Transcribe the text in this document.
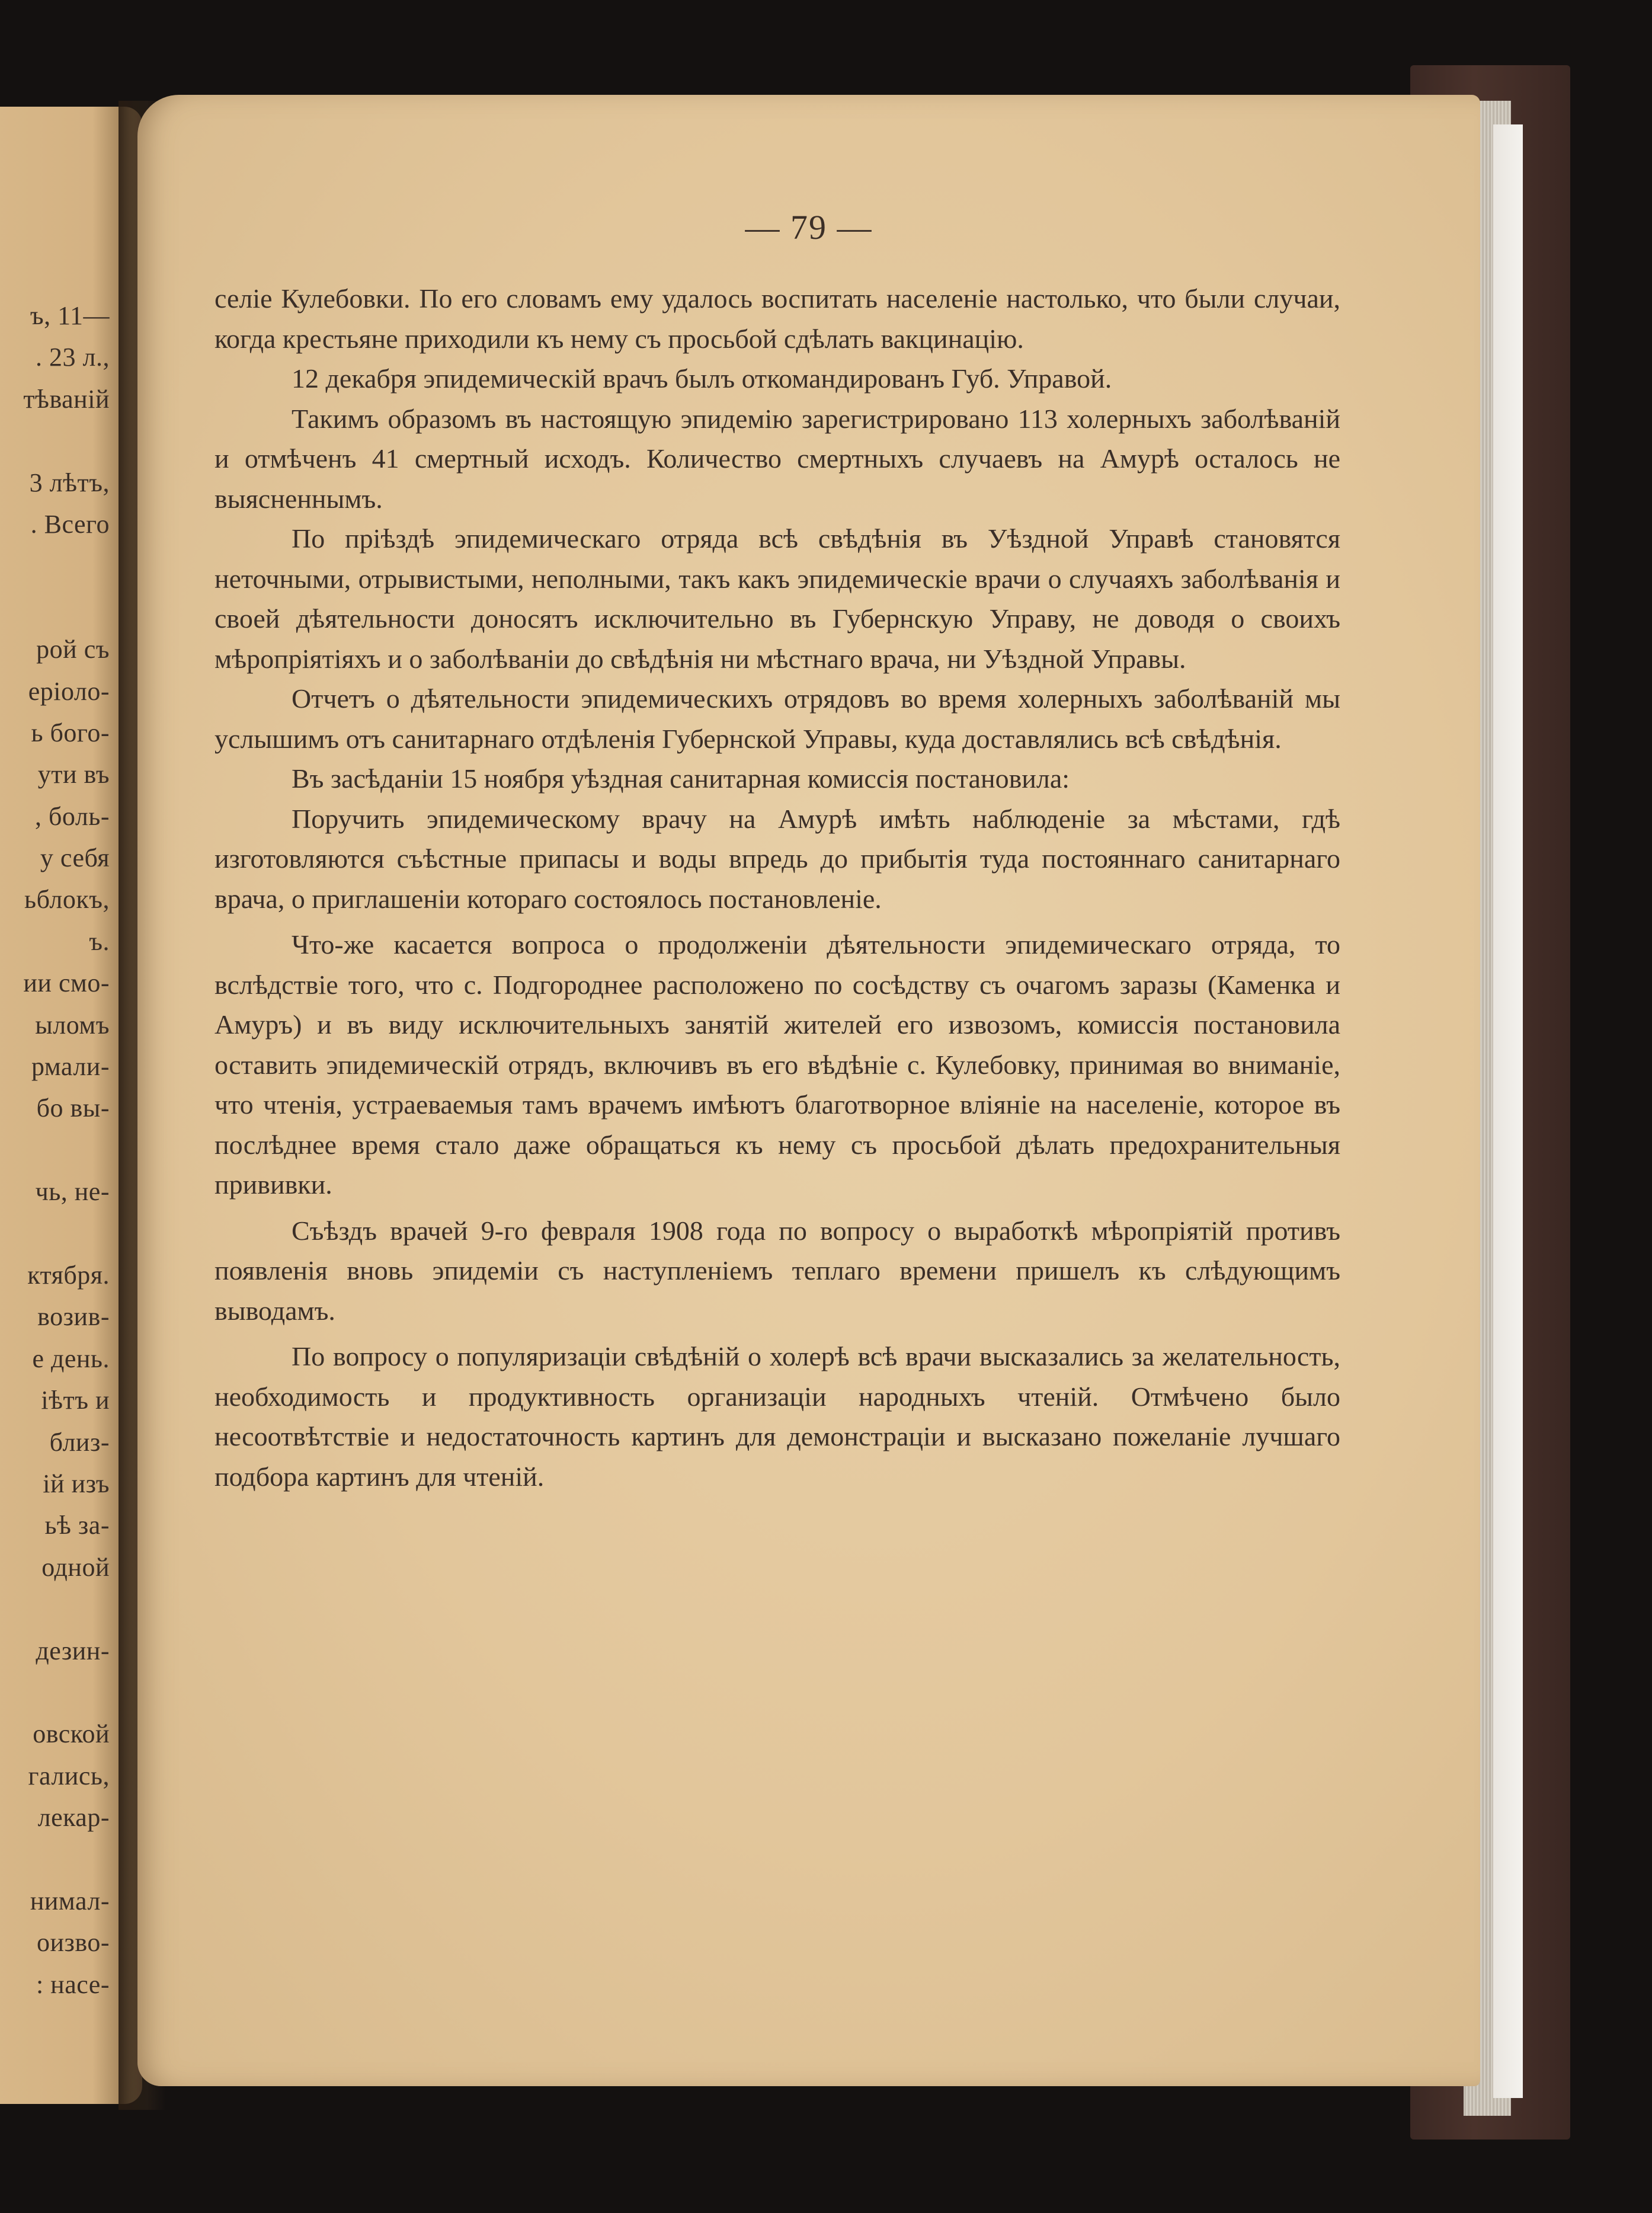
ъ, 11—
. 23 л.,
тѣваній
3 лѣтъ,
. Всего
рой съ
еріоло-
ь бого-
ути въ
, боль-
у себя
ьблокъ,
ъ.
ии смо-
ыломъ
рмали-
бо вы-
чь, не-
ктября.
возив-
е день.
іѣтъ и
близ-
ій изъ
ьѣ за-
одной
дезин-
овской
гались,
лекар-
нимал-
оизво-
: насе-
— 79 —

селіе Кулебовки. По его словамъ ему удалось воспитать населеніе настолько, что были случаи, когда крестьяне приходили къ нему съ просьбой сдѣлать вакцинацію.

12 декабря эпидемическій врачъ былъ откомандированъ Губ. Управой.

Такимъ образомъ въ настоящую эпидемію зарегистрировано 113 холерныхъ заболѣваній и отмѣченъ 41 смертный исходъ. Количество смертныхъ случаевъ на Амурѣ осталось не выясненнымъ.

По пріѣздѣ эпидемическаго отряда всѣ свѣдѣнія въ Уѣздной Управѣ становятся неточными, отрывистыми, неполными, такъ какъ эпидемическіе врачи о случаяхъ заболѣванія и своей дѣятельности доносятъ исключительно въ Губернскую Управу, не доводя о своихъ мѣропріятіяхъ и о заболѣваніи до свѣдѣнія ни мѣстнаго врача, ни Уѣздной Управы.

Отчетъ о дѣятельности эпидемическихъ отрядовъ во время холерныхъ заболѣваній мы услышимъ отъ санитарнаго отдѣленія Губернской Управы, куда доставлялись всѣ свѣдѣнія.

Въ засѣданіи 15 ноября уѣздная санитарная комиссія постановила:

Поручить эпидемическому врачу на Амурѣ имѣть наблюденіе за мѣстами, гдѣ изготовляются съѣстные припасы и воды впредь до прибытія туда постояннаго санитарнаго врача, о приглашеніи котораго состоялось постановленіе.

Что-же касается вопроса о продолженіи дѣятельности эпидемическаго отряда, то вслѣдствіе того, что с. Подгороднее расположено по сосѣдству съ очагомъ заразы (Каменка и Амуръ) и въ виду исключительныхъ занятій жителей его извозомъ, комиссія постановила оставить эпидемическій отрядъ, включивъ въ его вѣдѣніе с. Кулебовку, принимая во вниманіе, что чтенія, устраеваемыя тамъ врачемъ имѣютъ благотворное вліяніе на населеніе, которое въ послѣднее время стало даже обращаться къ нему съ просьбой дѣлать предохранительныя прививки.

Съѣздъ врачей 9-го февраля 1908 года по вопросу о выработкѣ мѣропріятій противъ появленія вновь эпидеміи съ наступленіемъ теплаго времени пришелъ къ слѣдующимъ выводамъ.

По вопросу о популяризаціи свѣдѣній о холерѣ всѣ врачи высказались за желательность, необходимость и продуктивность организаціи народныхъ чтеній. Отмѣчено было несоотвѣтствіе и недостаточность картинъ для демонстраціи и высказано пожеланіе лучшаго подбора картинъ для чтеній.
